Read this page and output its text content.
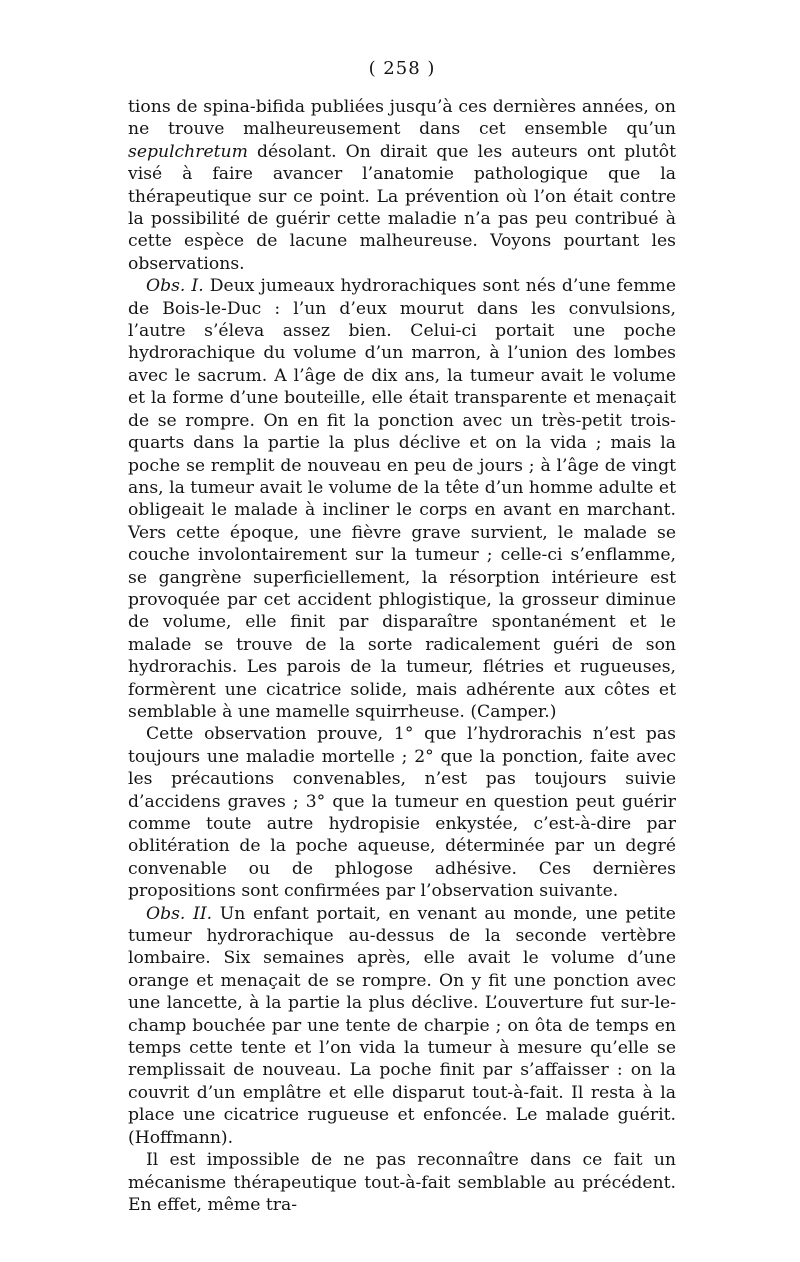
( 258 )

tions de spina-bifida publiées jusqu’à ces dernières années, on ne trouve malheureusement dans cet ensemble qu’un sepulchretum désolant. On dirait que les auteurs ont plutôt visé à faire avancer l’anatomie pathologique que la thérapeutique sur ce point. La prévention où l’on était contre la possibilité de guérir cette maladie n’a pas peu contribué à cette espèce de lacune malheureuse. Voyons pourtant les observations.

Obs. I. Deux jumeaux hydrorachiques sont nés d’une femme de Bois-le-Duc : l’un d’eux mourut dans les convulsions, l’autre s’éleva assez bien. Celui-ci portait une poche hydrorachique du volume d’un marron, à l’union des lombes avec le sacrum. A l’âge de dix ans, la tumeur avait le volume et la forme d’une bouteille, elle était transparente et menaçait de se rompre. On en fit la ponction avec un très-petit trois-quarts dans la partie la plus déclive et on la vida ; mais la poche se remplit de nouveau en peu de jours ; à l’âge de vingt ans, la tumeur avait le volume de la tête d’un homme adulte et obligeait le malade à incliner le corps en avant en marchant. Vers cette époque, une fièvre grave survient, le malade se couche involontairement sur la tumeur ; celle-ci s’enflamme, se gangrène superficiellement, la résorption intérieure est provoquée par cet accident phlogistique, la grosseur diminue de volume, elle finit par disparaître spontanément et le malade se trouve de la sorte radicalement guéri de son hydrorachis. Les parois de la tumeur, flétries et rugueuses, formèrent une cicatrice solide, mais adhérente aux côtes et semblable à une mamelle squirrheuse. (Camper.)

Cette observation prouve, 1° que l’hydrorachis n’est pas toujours une maladie mortelle ; 2° que la ponction, faite avec les précautions convenables, n’est pas toujours suivie d’accidens graves ; 3° que la tumeur en question peut guérir comme toute autre hydropisie enkystée, c’est-à-dire par oblitération de la poche aqueuse, déterminée par un degré convenable ou de phlogose adhésive. Ces dernières propositions sont confirmées par l’observation suivante.

Obs. II. Un enfant portait, en venant au monde, une petite tumeur hydrorachique au-dessus de la seconde vertèbre lombaire. Six semaines après, elle avait le volume d’une orange et menaçait de se rompre. On y fit une ponction avec une lancette, à la partie la plus déclive. L’ouverture fut sur-le-champ bouchée par une tente de charpie ; on ôta de temps en temps cette tente et l’on vida la tumeur à mesure qu’elle se remplissait de nouveau. La poche finit par s’affaisser : on la couvrit d’un emplâtre et elle disparut tout-à-fait. Il resta à la place une cicatrice rugueuse et enfoncée. Le malade guérit. (Hoffmann).

Il est impossible de ne pas reconnaître dans ce fait un mécanisme thérapeutique tout-à-fait semblable au précédent. En effet, même tra-
